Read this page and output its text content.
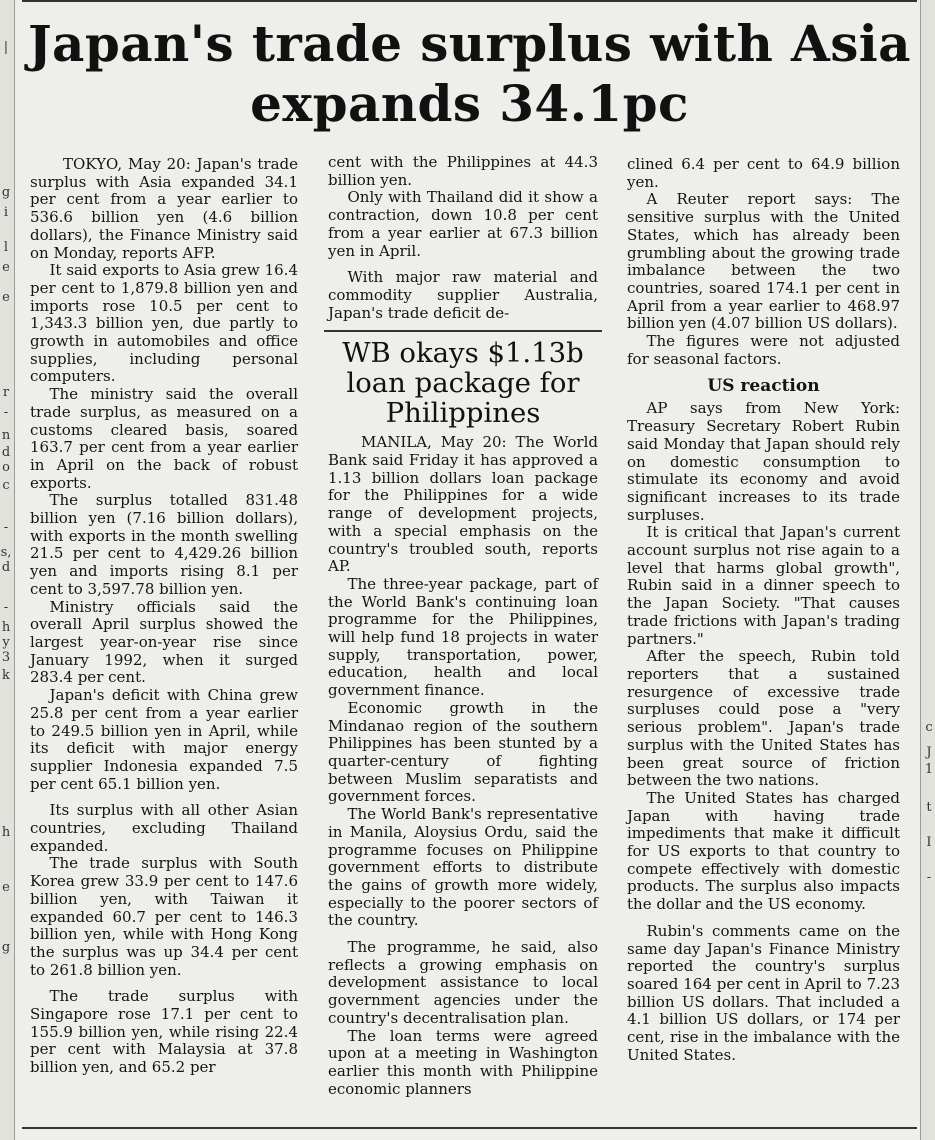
|
g
i
l
e
e
r
-
n
d
o
c
-
s,
d
-
h
y
3
k
h
e
g
c
J
1
t
I
-
Japan's trade surplus with Asia expands 34.1pc

TOKYO, May 20: Japan's trade surplus with Asia expanded 34.1 per cent from a year earlier to 536.6 billion yen (4.6 billion dollars), the Finance Ministry said on Monday, reports AFP.

It said exports to Asia grew 16.4 per cent to 1,879.8 billion yen and imports rose 10.5 per cent to 1,343.3 billion yen, due partly to growth in automobiles and office supplies, including personal computers.

The ministry said the overall trade surplus, as measured on a customs cleared basis, soared 163.7 per cent from a year earlier in April on the back of robust exports.

The surplus totalled 831.48 billion yen (7.16 billion dollars), with exports in the month swelling 21.5 per cent to 4,429.26 billion yen and imports rising 8.1 per cent to 3,597.78 billion yen.

Ministry officials said the overall April surplus showed the largest year-on-year rise since January 1992, when it surged 283.4 per cent.

Japan's deficit with China grew 25.8 per cent from a year earlier to 249.5 billion yen in April, while its deficit with major energy supplier Indonesia expanded 7.5 per cent 65.1 billion yen.

Its surplus with all other Asian countries, excluding Thailand expanded.

The trade surplus with South Korea grew 33.9 per cent to 147.6 billion yen, with Taiwan it expanded 60.7 per cent to 146.3 billion yen, while with Hong Kong the surplus was up 34.4 per cent to 261.8 billion yen.

The trade surplus with Singapore rose 17.1 per cent to 155.9 billion yen, while rising 22.4 per cent with Malaysia at 37.8 billion yen, and 65.2 per

cent with the Philippines at 44.3 billion yen.

Only with Thailand did it show a contraction, down 10.8 per cent from a year earlier at 67.3 billion yen in April.

With major raw material and commodity supplier Australia, Japan's trade deficit de-

WB okays $1.13b loan package for Philippines

MANILA, May 20: The World Bank said Friday it has approved a 1.13 billion dollars loan package for the Philippines for a wide range of development projects, with a special emphasis on the country's troubled south, reports AP.

The three-year package, part of the World Bank's continuing loan programme for the Philippines, will help fund 18 projects in water supply, transportation, power, education, health and local government finance.

Economic growth in the Mindanao region of the southern Philippines has been stunted by a quarter-century of fighting between Muslim separatists and government forces.

The World Bank's representative in Manila, Aloysius Ordu, said the programme focuses on Philippine government efforts to distribute the gains of growth more widely, especially to the poorer sectors of the country.

The programme, he said, also reflects a growing emphasis on development assistance to local government agencies under the country's decentralisation plan.

The loan terms were agreed upon at a meeting in Washington earlier this month with Philippine economic planners

clined 6.4 per cent to 64.9 billion yen.

A Reuter report says: The sensitive surplus with the United States, which has already been grumbling about the growing trade imbalance between the two countries, soared 174.1 per cent in April from a year earlier to 468.97 billion yen (4.07 billion US dollars).

The figures were not adjusted for seasonal factors.

US reaction

AP says from New York: Treasury Secretary Robert Rubin said Monday that Japan should rely on domestic consumption to stimulate its economy and avoid significant increases to its trade surpluses.

It is critical that Japan's current account surplus not rise again to a level that harms global growth", Rubin said in a dinner speech to the Japan Society. "That causes trade frictions with Japan's trading partners."

After the speech, Rubin told reporters that a sustained resurgence of excessive trade surpluses could pose a "very serious problem". Japan's trade surplus with the United States has been great source of friction between the two nations.

The United States has charged Japan with having trade impediments that make it difficult for US exports to that country to compete effectively with domestic products. The surplus also impacts the dollar and the US economy.

Rubin's comments came on the same day Japan's Finance Ministry reported the country's surplus soared 164 per cent in April to 7.23 billion US dollars. That included a 4.1 billion US dollars, or 174 per cent, rise in the imbalance with the United States.
